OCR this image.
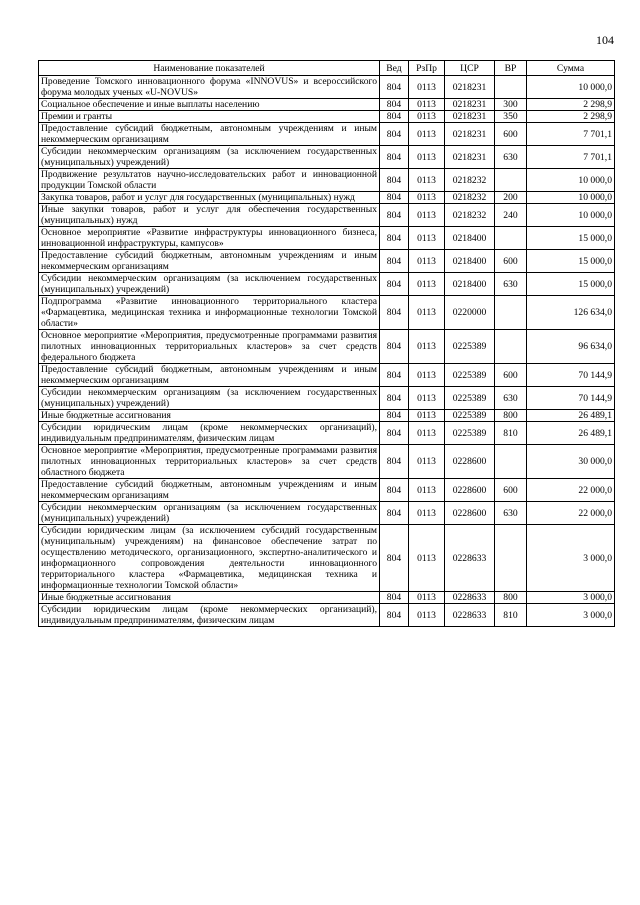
104
Наименование показателей	Вед	РзПр	ЦСР	ВР	Сумма
Проведение Томского инновационного форума «INNOVUS» и всероссийского форума молодых ученых «U-NOVUS»	804	0113	0218231		10 000,0
Социальное обеспечение и иные выплаты населению	804	0113	0218231	300	2 298,9
Премии и гранты	804	0113	0218231	350	2 298,9
Предоставление субсидий бюджетным, автономным учреждениям и иным некоммерческим организациям	804	0113	0218231	600	7 701,1
Субсидии некоммерческим организациям (за исключением государственных (муниципальных) учреждений)	804	0113	0218231	630	7 701,1
Продвижение результатов научно-исследовательских работ и инновационной продукции Томской области	804	0113	0218232		10 000,0
Закупка товаров, работ и услуг для государственных (муниципальных) нужд	804	0113	0218232	200	10 000,0
Иные закупки товаров, работ и услуг для обеспечения государственных (муниципальных) нужд	804	0113	0218232	240	10 000,0
Основное мероприятие «Развитие инфраструктуры инновационного бизнеса, инновационной инфраструктуры, кампусов»	804	0113	0218400		15 000,0
Предоставление субсидий бюджетным, автономным учреждениям и иным некоммерческим организациям	804	0113	0218400	600	15 000,0
Субсидии некоммерческим организациям (за исключением государственных (муниципальных) учреждений)	804	0113	0218400	630	15 000,0
Подпрограмма «Развитие инновационного территориального кластера «Фармацевтика, медицинская техника и информационные технологии Томской области»	804	0113	0220000		126 634,0
Основное мероприятие «Мероприятия, предусмотренные программами развития пилотных инновационных территориальных кластеров» за счет средств федерального бюджета	804	0113	0225389		96 634,0
Предоставление субсидий бюджетным, автономным учреждениям и иным некоммерческим организациям	804	0113	0225389	600	70 144,9
Субсидии некоммерческим организациям (за исключением государственных (муниципальных) учреждений)	804	0113	0225389	630	70 144,9
Иные бюджетные ассигнования	804	0113	0225389	800	26 489,1
Субсидии юридическим лицам (кроме некоммерческих организаций), индивидуальным предпринимателям, физическим лицам	804	0113	0225389	810	26 489,1
Основное мероприятие «Мероприятия, предусмотренные программами развития пилотных инновационных территориальных кластеров» за счет средств областного бюджета	804	0113	0228600		30 000,0
Предоставление субсидий бюджетным, автономным учреждениям и иным некоммерческим организациям	804	0113	0228600	600	22 000,0
Субсидии некоммерческим организациям (за исключением государственных (муниципальных) учреждений)	804	0113	0228600	630	22 000,0
Субсидии юридическим лицам (за исключением субсидий государственным (муниципальным) учреждениям) на финансовое обеспечение затрат по осуществлению методического, организационного, экспертно-аналитического и информационного сопровождения деятельности инновационного территориального кластера «Фармацевтика, медицинская техника и информационные технологии Томской области»	804	0113	0228633		3 000,0
Иные бюджетные ассигнования	804	0113	0228633	800	3 000,0
Субсидии юридическим лицам (кроме некоммерческих организаций), индивидуальным предпринимателям, физическим лицам	804	0113	0228633	810	3 000,0
